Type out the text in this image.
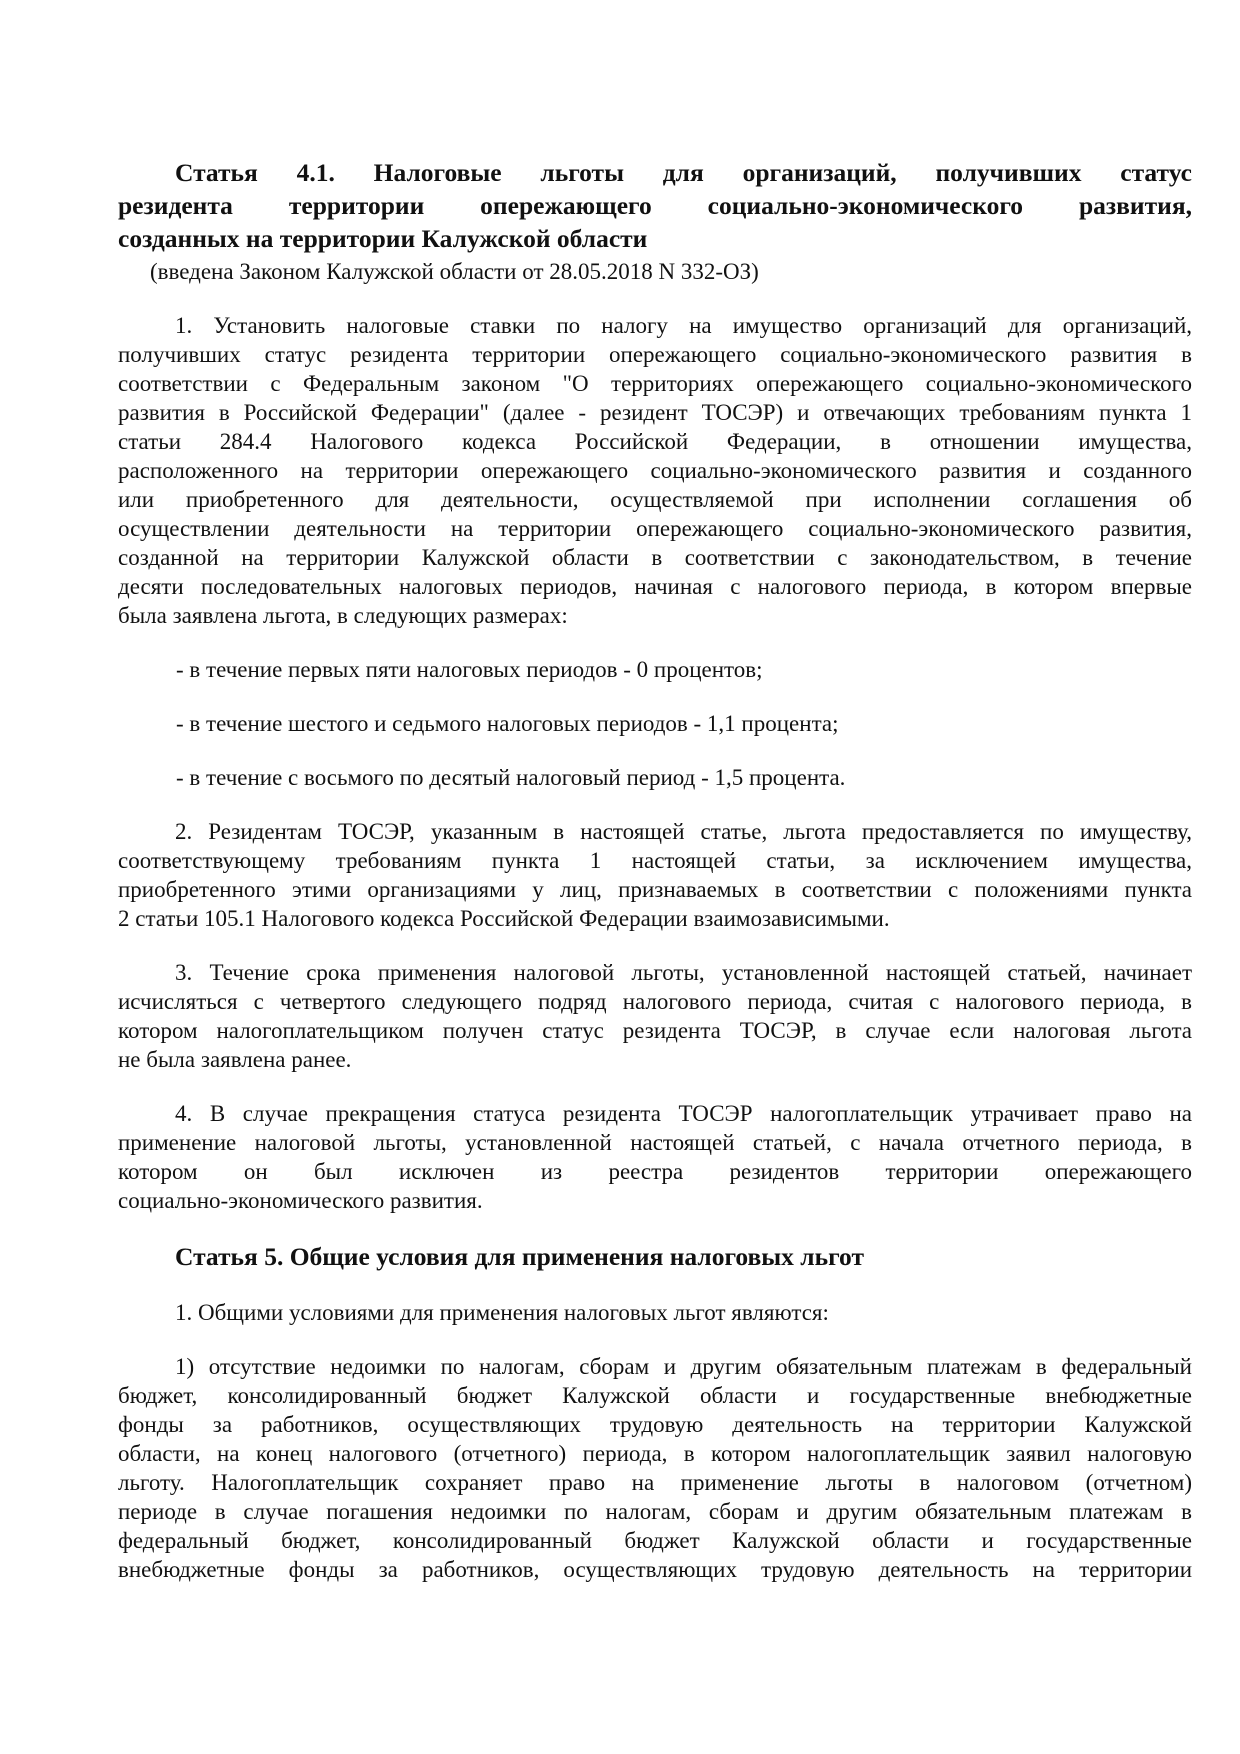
Статья 4.1. Налоговые льготы для организаций, получивших статус
резидента территории опережающего социально-экономического развития,
созданных на территории Калужской области
(введена Законом Калужской области от 28.05.2018 N 332-ОЗ)
1. Установить налоговые ставки по налогу на имущество организаций для организаций,
получивших статус резидента территории опережающего социально-экономического развития в
соответствии с Федеральным законом "О территориях опережающего социально-экономического
развития в Российской Федерации" (далее - резидент ТОСЭР) и отвечающих требованиям пункта 1
статьи 284.4 Налогового кодекса Российской Федерации, в отношении имущества,
расположенного на территории опережающего социально-экономического развития и созданного
или приобретенного для деятельности, осуществляемой при исполнении соглашения об
осуществлении деятельности на территории опережающего социально-экономического развития,
созданной на территории Калужской области в соответствии с законодательством, в течение
десяти последовательных налоговых периодов, начиная с налогового периода, в котором впервые
была заявлена льгота, в следующих размерах:
- в течение первых пяти налоговых периодов - 0 процентов;
- в течение шестого и седьмого налоговых периодов - 1,1 процента;
- в течение с восьмого по десятый налоговый период - 1,5 процента.
2. Резидентам ТОСЭР, указанным в настоящей статье, льгота предоставляется по имуществу,
соответствующему требованиям пункта 1 настоящей статьи, за исключением имущества,
приобретенного этими организациями у лиц, признаваемых в соответствии с положениями пункта
2 статьи 105.1 Налогового кодекса Российской Федерации взаимозависимыми.
3. Течение срока применения налоговой льготы, установленной настоящей статьей, начинает
исчисляться с четвертого следующего подряд налогового периода, считая с налогового периода, в
котором налогоплательщиком получен статус резидента ТОСЭР, в случае если налоговая льгота
не была заявлена ранее.
4. В случае прекращения статуса резидента ТОСЭР налогоплательщик утрачивает право на
применение налоговой льготы, установленной настоящей статьей, с начала отчетного периода, в
котором он был исключен из реестра резидентов территории опережающего
социально-экономического развития.
Статья 5. Общие условия для применения налоговых льгот
1. Общими условиями для применения налоговых льгот являются:
1) отсутствие недоимки по налогам, сборам и другим обязательным платежам в федеральный
бюджет, консолидированный бюджет Калужской области и государственные внебюджетные
фонды за работников, осуществляющих трудовую деятельность на территории Калужской
области, на конец налогового (отчетного) периода, в котором налогоплательщик заявил налоговую
льготу. Налогоплательщик сохраняет право на применение льготы в налоговом (отчетном)
периоде в случае погашения недоимки по налогам, сборам и другим обязательным платежам в
федеральный бюджет, консолидированный бюджет Калужской области и государственные
внебюджетные фонды за работников, осуществляющих трудовую деятельность на территории
